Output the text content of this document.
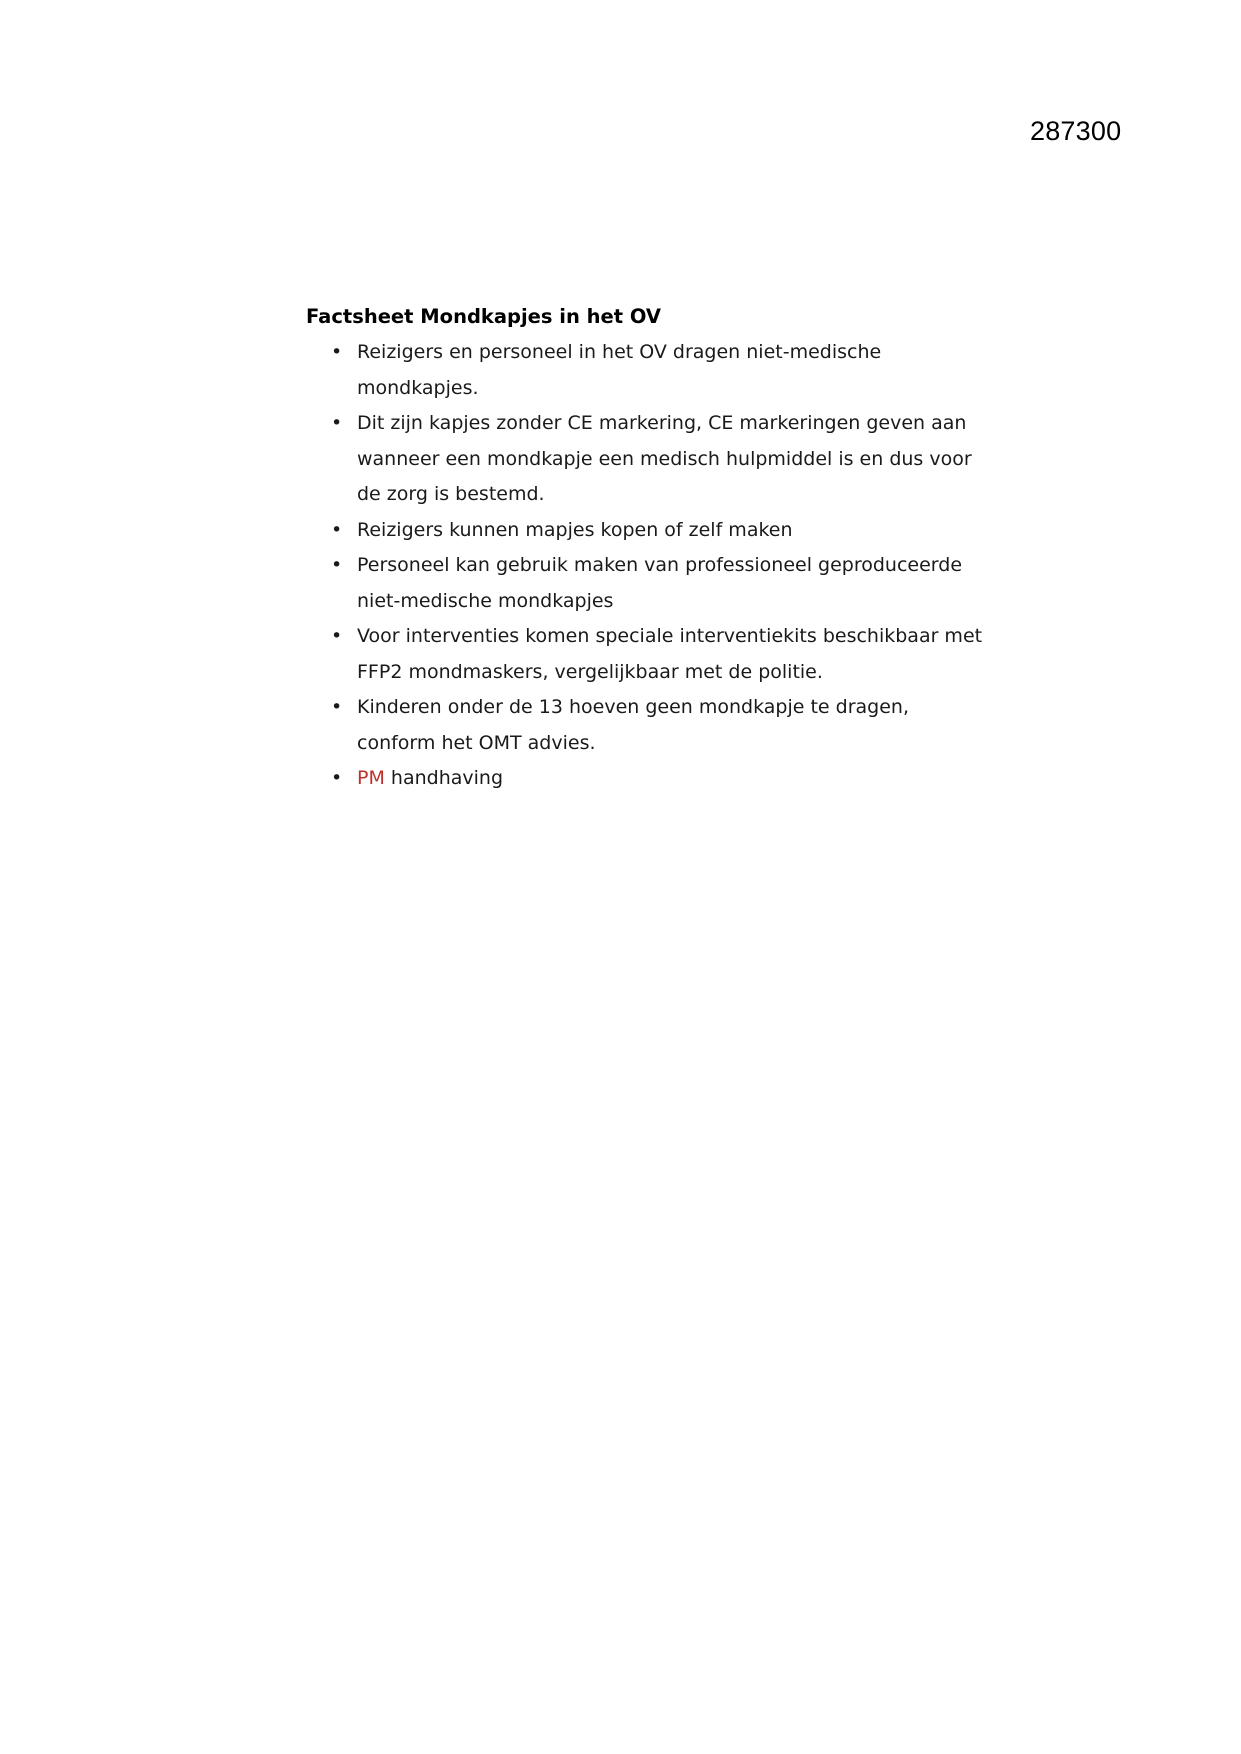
287300
Factsheet Mondkapjes in het OV
• Reizigers en personeel in het OV dragen niet-medische mondkapjes.
• Dit zijn kapjes zonder CE markering, CE markeringen geven aan wanneer een mondkapje een medisch hulpmiddel is en dus voor de zorg is bestemd.
• Reizigers kunnen mapjes kopen of zelf maken
• Personeel kan gebruik maken van professioneel geproduceerde niet-medische mondkapjes
• Voor interventies komen speciale interventiekits beschikbaar met FFP2 mondmaskers, vergelijkbaar met de politie.
• Kinderen onder de 13 hoeven geen mondkapje te dragen, conform het OMT advies.
• PM handhaving
